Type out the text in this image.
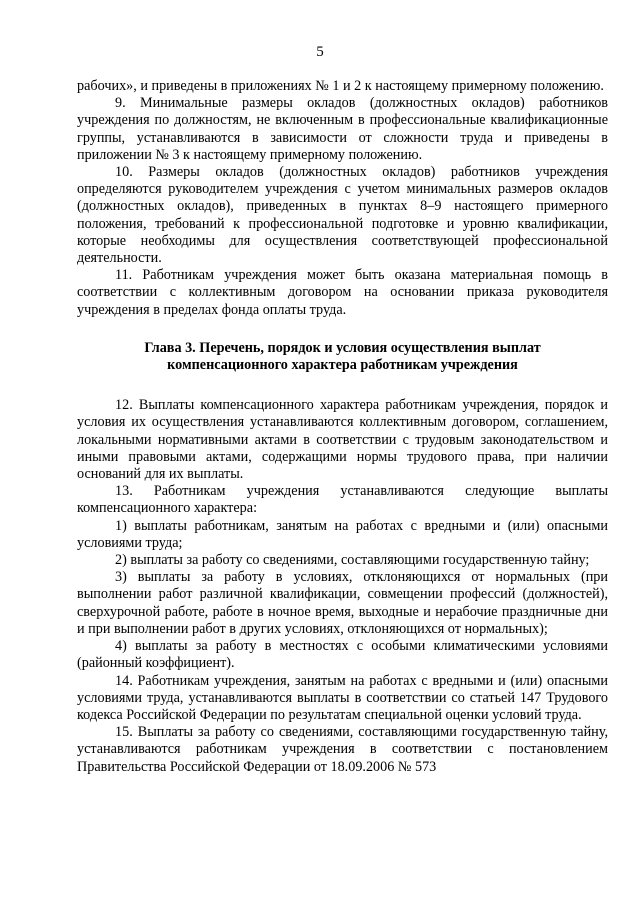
5

рабочих», и приведены в приложениях № 1 и 2 к настоящему примерному положению.

9. Минимальные размеры окладов (должностных окладов) работников учреждения по должностям, не включенным в профессиональные квалификационные группы, устанавливаются в зависимости от сложности труда и приведены в приложении № 3 к настоящему примерному положению.

10. Размеры окладов (должностных окладов) работников учреждения определяются руководителем учреждения с учетом минимальных размеров окладов (должностных окладов), приведенных в пунктах 8–9 настоящего примерного положения, требований к профессиональной подготовке и уровню квалификации, которые необходимы для осуществления соответствующей профессиональной деятельности.

11. Работникам учреждения может быть оказана материальная помощь в соответствии с коллективным договором на основании приказа руководителя учреждения в пределах фонда оплаты труда.

Глава 3. Перечень, порядок и условия осуществления выплат
компенсационного характера работникам учреждения

12. Выплаты компенсационного характера работникам учреждения, порядок и условия их осуществления устанавливаются коллективным договором, соглашением, локальными нормативными актами в соответствии с трудовым законодательством и иными правовыми актами, содержащими нормы трудового права, при наличии оснований для их выплаты.

13. Работникам учреждения устанавливаются следующие выплаты компенсационного характера:

1) выплаты работникам, занятым на работах с вредными и (или) опасными условиями труда;

2) выплаты за работу со сведениями, составляющими государственную тайну;

3) выплаты за работу в условиях, отклоняющихся от нормальных (при выполнении работ различной квалификации, совмещении профессий (должностей), сверхурочной работе, работе в ночное время, выходные и нерабочие праздничные дни и при выполнении работ в других условиях, отклоняющихся от нормальных);

4) выплаты за работу в местностях с особыми климатическими условиями (районный коэффициент).

14. Работникам учреждения, занятым на работах с вредными и (или) опасными условиями труда, устанавливаются выплаты в соответствии со статьей 147 Трудового кодекса Российской Федерации по результатам специальной оценки условий труда.

15. Выплаты за работу со сведениями, составляющими государственную тайну, устанавливаются работникам учреждения в соответствии с постановлением Правительства Российской Федерации от 18.09.2006 № 573
